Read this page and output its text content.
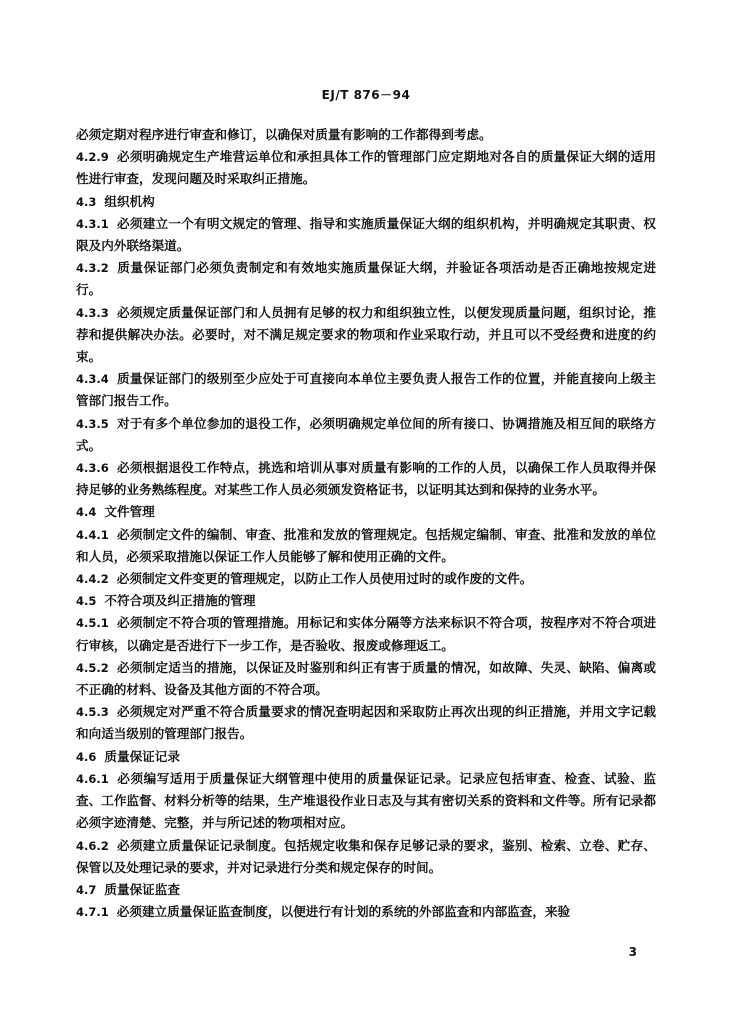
EJ/T 876－94

必须定期对程序进行审查和修订，以确保对质量有影响的工作都得到考虑。

4.2.9 必须明确规定生产堆营运单位和承担具体工作的管理部门应定期地对各自的质量保证大纲的适用性进行审查，发现问题及时采取纠正措施。

4.3 组织机构

4.3.1 必须建立一个有明文规定的管理、指导和实施质量保证大纲的组织机构，并明确规定其职责、权限及内外联络渠道。

4.3.2 质量保证部门必须负责制定和有效地实施质量保证大纲，并验证各项活动是否正确地按规定进行。

4.3.3 必须规定质量保证部门和人员拥有足够的权力和组织独立性，以便发现质量问题，组织讨论，推荐和提供解决办法。必要时，对不满足规定要求的物项和作业采取行动，并且可以不受经费和进度的约束。

4.3.4 质量保证部门的级别至少应处于可直接向本单位主要负责人报告工作的位置，并能直接向上级主管部门报告工作。

4.3.5 对于有多个单位参加的退役工作，必须明确规定单位间的所有接口、协调措施及相互间的联络方式。

4.3.6 必须根据退役工作特点，挑选和培训从事对质量有影响的工作的人员，以确保工作人员取得并保持足够的业务熟练程度。对某些工作人员必须颁发资格证书，以证明其达到和保持的业务水平。

4.4 文件管理

4.4.1 必须制定文件的编制、审查、批准和发放的管理规定。包括规定编制、审查、批准和发放的单位和人员，必须采取措施以保证工作人员能够了解和使用正确的文件。

4.4.2 必须制定文件变更的管理规定，以防止工作人员使用过时的或作废的文件。

4.5 不符合项及纠正措施的管理

4.5.1 必须制定不符合项的管理措施。用标记和实体分隔等方法来标识不符合项，按程序对不符合项进行审核，以确定是否进行下一步工作，是否验收、报废或修理返工。

4.5.2 必须制定适当的措施，以保证及时鉴别和纠正有害于质量的情况，如故障、失灵、缺陷、偏离或不正确的材料、设备及其他方面的不符合项。

4.5.3 必须规定对严重不符合质量要求的情况查明起因和采取防止再次出现的纠正措施，并用文字记载和向适当级别的管理部门报告。

4.6 质量保证记录

4.6.1 必须编写适用于质量保证大纲管理中使用的质量保证记录。记录应包括审查、检查、试验、监查、工作监督、材料分析等的结果，生产堆退役作业日志及与其有密切关系的资料和文件等。所有记录都必须字迹清楚、完整，并与所记述的物项相对应。

4.6.2 必须建立质量保证记录制度。包括规定收集和保存足够记录的要求，鉴别、检索、立卷、贮存、保管以及处理记录的要求，并对记录进行分类和规定保存的时间。

4.7 质量保证监查

4.7.1 必须建立质量保证监查制度，以便进行有计划的系统的外部监查和内部监查，来验

3
